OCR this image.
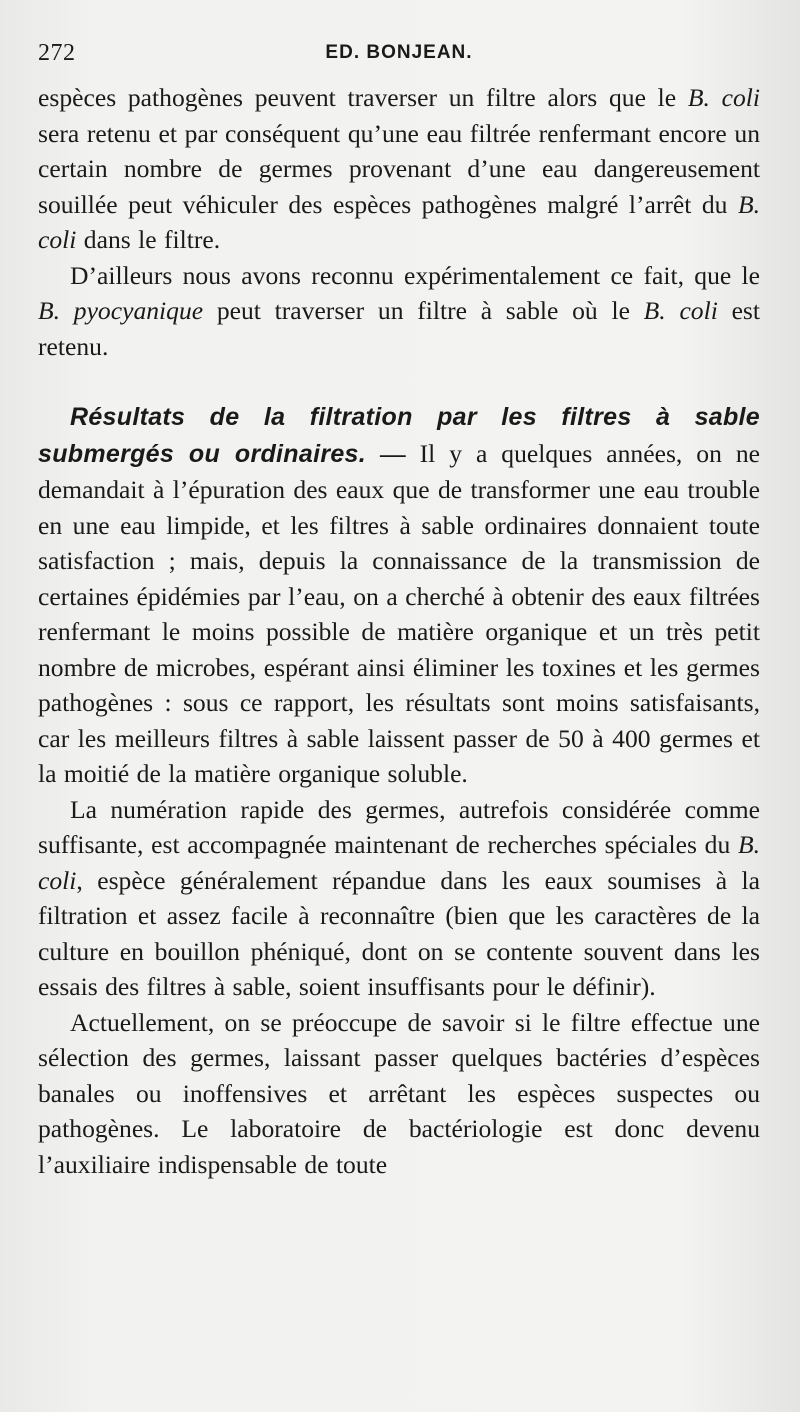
272	ED. BONJEAN.

espèces pathogènes peuvent traverser un filtre alors que le B. coli sera retenu et par conséquent qu’une eau filtrée renfermant encore un certain nombre de germes provenant d’une eau dangereusement souillée peut véhiculer des espèces pathogènes malgré l’arrêt du B. coli dans le filtre.

D’ailleurs nous avons reconnu expérimentalement ce fait, que le B. pyocyanique peut traverser un filtre à sable où le B. coli est retenu.

Résultats de la filtration par les filtres à sable submergés ou ordinaires. — Il y a quelques années, on ne demandait à l’épuration des eaux que de transformer une eau trouble en une eau limpide, et les filtres à sable ordinaires donnaient toute satisfaction ; mais, depuis la connaissance de la transmission de certaines épidémies par l’eau, on a cherché à obtenir des eaux filtrées renfermant le moins possible de matière organique et un très petit nombre de microbes, espérant ainsi éliminer les toxines et les germes pathogènes : sous ce rapport, les résultats sont moins satisfaisants, car les meilleurs filtres à sable laissent passer de 50 à 400 germes et la moitié de la matière organique soluble.

La numération rapide des germes, autrefois considérée comme suffisante, est accompagnée maintenant de recherches spéciales du B. coli, espèce généralement répandue dans les eaux soumises à la filtration et assez facile à reconnaître (bien que les caractères de la culture en bouillon phéniqué, dont on se contente souvent dans les essais des filtres à sable, soient insuffisants pour le définir).

Actuellement, on se préoccupe de savoir si le filtre effectue une sélection des germes, laissant passer quelques bactéries d’espèces banales ou inoffensives et arrêtant les espèces suspectes ou pathogènes. Le laboratoire de bactériologie est donc devenu l’auxiliaire indispensable de toute
